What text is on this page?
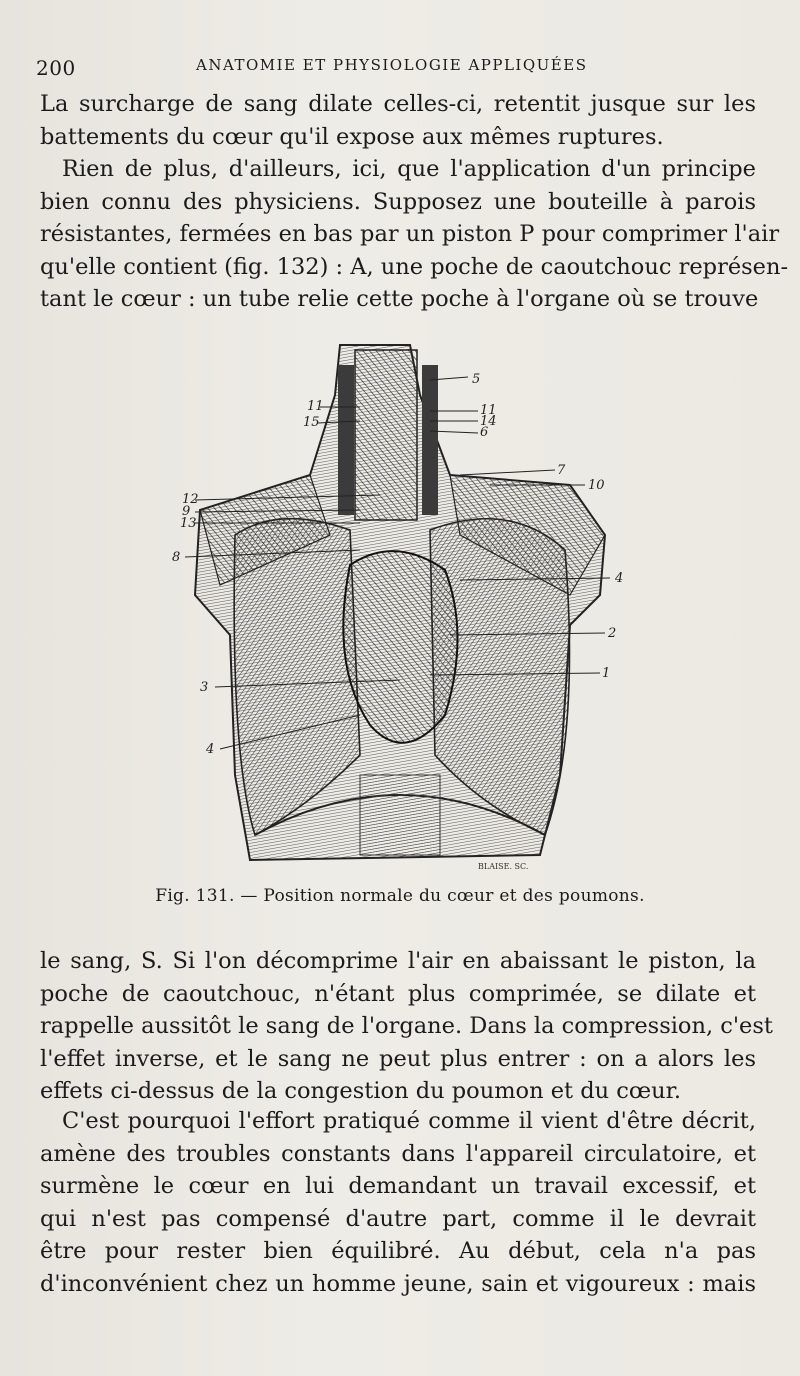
200	ANATOMIE ET PHYSIOLOGIE APPLIQUÉES
La surcharge de sang dilate celles-ci, retentit jusque sur les
battements du cœur qu'il expose aux mêmes ruptures.
Rien de plus, d'ailleurs, ici, que l'application d'un principe
bien connu des physiciens. Supposez une bouteille à parois
résistantes, fermées en bas par un piston P pour comprimer l'air
qu'elle contient (fig. 132) : A, une poche de caoutchouc représen-
tant le cœur : un tube relie cette poche à l'organe où se trouve
5
11
15
11
14
6
7
10
12
9
13
8
4
2
1
3
4
BLAISE. SC.
Fig. 131. — Position normale du cœur et des poumons.
le sang, S. Si l'on décomprime l'air en abaissant le piston, la
poche de caoutchouc, n'étant plus comprimée, se dilate et
rappelle aussitôt le sang de l'organe. Dans la compression, c'est
l'effet inverse, et le sang ne peut plus entrer : on a alors les
effets ci-dessus de la congestion du poumon et du cœur.
C'est pourquoi l'effort pratiqué comme il vient d'être décrit,
amène des troubles constants dans l'appareil circulatoire, et
surmène le cœur en lui demandant un travail excessif, et
qui n'est pas compensé d'autre part, comme il le devrait
être pour rester bien équilibré. Au début, cela n'a pas
d'inconvénient chez un homme jeune, sain et vigoureux : mais
